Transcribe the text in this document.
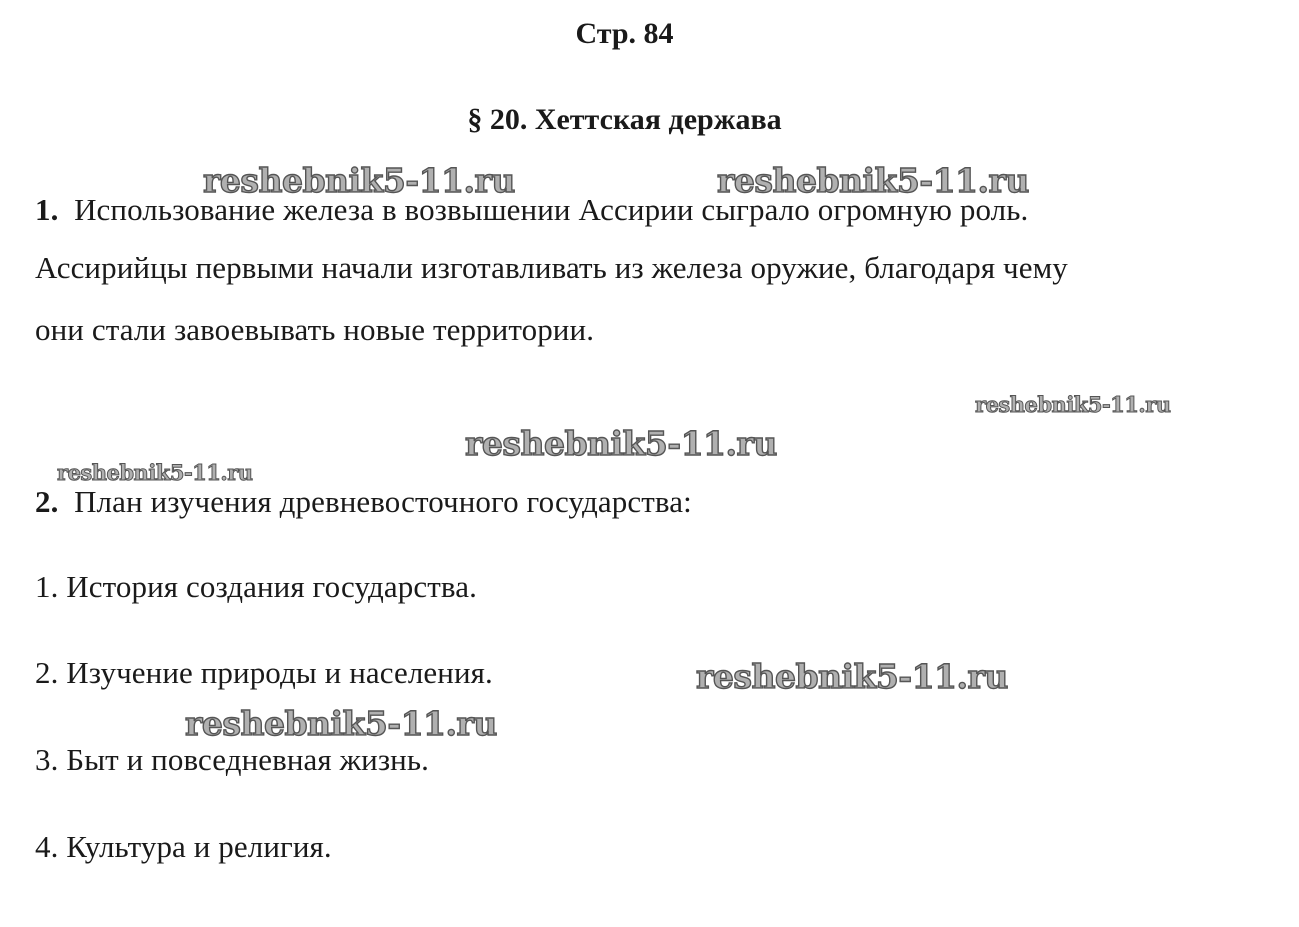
Стр. 84
§ 20. Хеттская держава

1. Использование железа в возвышении Ассирии сыграло огромную роль.

Ассирийцы первыми начали изготавливать из железа оружие, благодаря чему

они стали завоевывать новые территории.

2. План изучения древневосточного государства:

1. История создания государства.

2. Изучение природы и населения.

3. Быт и повседневная жизнь.

4. Культура и религия.

reshebnik5-11.ru	reshebnik5-11.ru
reshebnik5-11.ru
reshebnik5-11.ru
reshebnik5-11.ru
reshebnik5-11.ru
reshebnik5-11.ru
